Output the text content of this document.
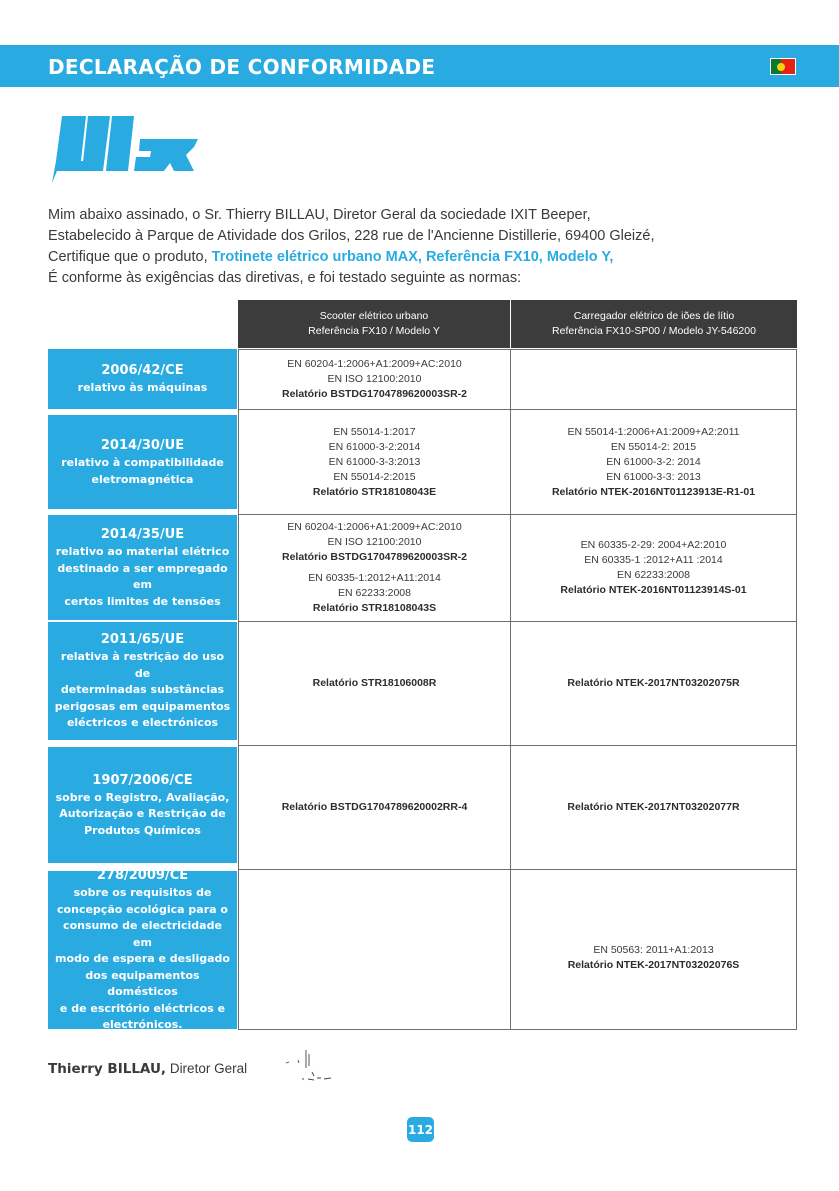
DECLARAÇÃO DE CONFORMIDADE
Mim abaixo assinado, o Sr. Thierry BILLAU, Diretor Geral da sociedade IXIT Beeper,
Estabelecido à Parque de Atividade dos Grilos, 228 rue de l'Ancienne Distillerie, 69400 Gleizé,
Certifique que o produto, Trotinete elétrico urbano MAX, Referência FX10, Modelo Y,
É conforme às exigências das diretivas, e foi testado seguinte as normas:
Scooter elétrico urbano
Referência FX10 / Modelo Y
Carregador elétrico de iões de lítio
Referência FX10-SP00 / Modelo JY-546200
2006/42/CE
relativo às máquinas
EN 60204-1:2006+A1:2009+AC:2010
EN ISO 12100:2010
Relatório BSTDG1704789620003SR-2
2014/30/UE
relativo à compatibilidade
eletromagnética
EN 55014-1:2017
EN 61000-3-2:2014
EN 61000-3-3:2013
EN 55014-2:2015
Relatório STR18108043E
EN 55014-1:2006+A1:2009+A2:2011
EN 55014-2: 2015
EN 61000-3-2: 2014
EN 61000-3-3: 2013
Relatório NTEK-2016NT01123913E-R1-01
2014/35/UE
relativo ao material elétrico
destinado a ser empregado em
certos limites de tensões
EN 60204-1:2006+A1:2009+AC:2010
EN ISO 12100:2010
Relatório BSTDG1704789620003SR-2
EN 60335-1:2012+A11:2014
EN 62233:2008
Relatório STR18108043S
EN 60335-2-29: 2004+A2:2010
EN 60335-1 :2012+A11 :2014
EN 62233:2008
Relatório NTEK-2016NT01123914S-01
2011/65/UE
relativa à restrição do uso de
determinadas substâncias
perigosas em equipamentos
eléctricos e electrónicos
Relatório STR18106008R	Relatório NTEK-2017NT03202075R
1907/2006/CE
sobre o Registro, Avaliação,
Autorização e Restrição de
Produtos Químicos
Relatório BSTDG1704789620002RR-4	Relatório NTEK-2017NT03202077R
278/2009/CE
sobre os requisitos de
concepção ecológica para o
consumo de electricidade em
modo de espera e desligado
dos equipamentos domésticos
e de escritório eléctricos e
electrónicos.
EN 50563: 2011+A1:2013
Relatório NTEK-2017NT03202076S
Thierry BILLAU, Diretor Geral
112
